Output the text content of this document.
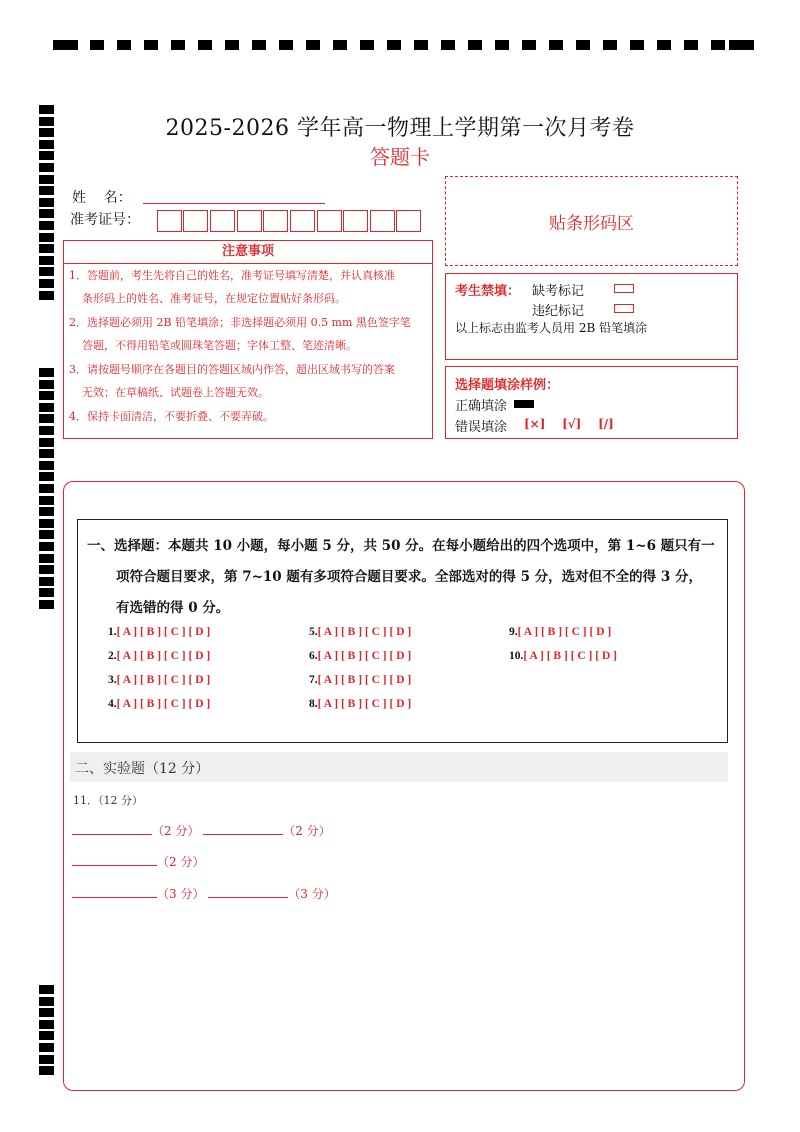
2025-2026 学年高一物理上学期第一次月考卷
答题卡
姓    名：
准考证号：	贴条形码区
注意事项
1．答题前，考生先将自己的姓名，准考证号填写清楚，并认真核准
条形码上的姓名、准考证号，在规定位置贴好条形码。
2．选择题必须用 2B 铅笔填涂；非选择题必须用 0.5 mm 黑色签字笔
答题，不得用铅笔或圆珠笔答题；字体工整、笔迹清晰。
3．请按题号顺序在各题目的答题区域内作答，超出区域书写的答案
无效；在草稿纸、试题卷上答题无效。
4．保持卡面清洁，不要折叠、不要弄破。
考生禁填： 缺考标记
违纪标记
以上标志由监考人员用 2B 铅笔填涂
选择题填涂样例：
正确填涂
错误填涂 [×]    [√]    [/]
一、选择题：本题共 10 小题，每小题 5 分，共 50 分。在每小题给出的四个选项中，第 1~6 题只有一
项符合题目要求，第 7~10 题有多项符合题目要求。全部选对的得 5 分，选对但不全的得 3 分，
有选错的得 0 分。
1.[ A ] [ B ] [ C ] [ D ]
2.[ A ] [ B ] [ C ] [ D ]
3.[ A ] [ B ] [ C ] [ D ]
4.[ A ] [ B ] [ C ] [ D ]
5.[ A ] [ B ] [ C ] [ D ]
6.[ A ] [ B ] [ C ] [ D ]
7.[ A ] [ B ] [ C ] [ D ]
8.[ A ] [ B ] [ C ] [ D ]
9.[ A ] [ B ] [ C ] [ D ]
10.[ A ] [ B ] [ C ] [ D ]
二、实验题（12 分）
11．（12 分）
（2 分）	（2 分）
（2 分）
（3 分）	（3 分）
